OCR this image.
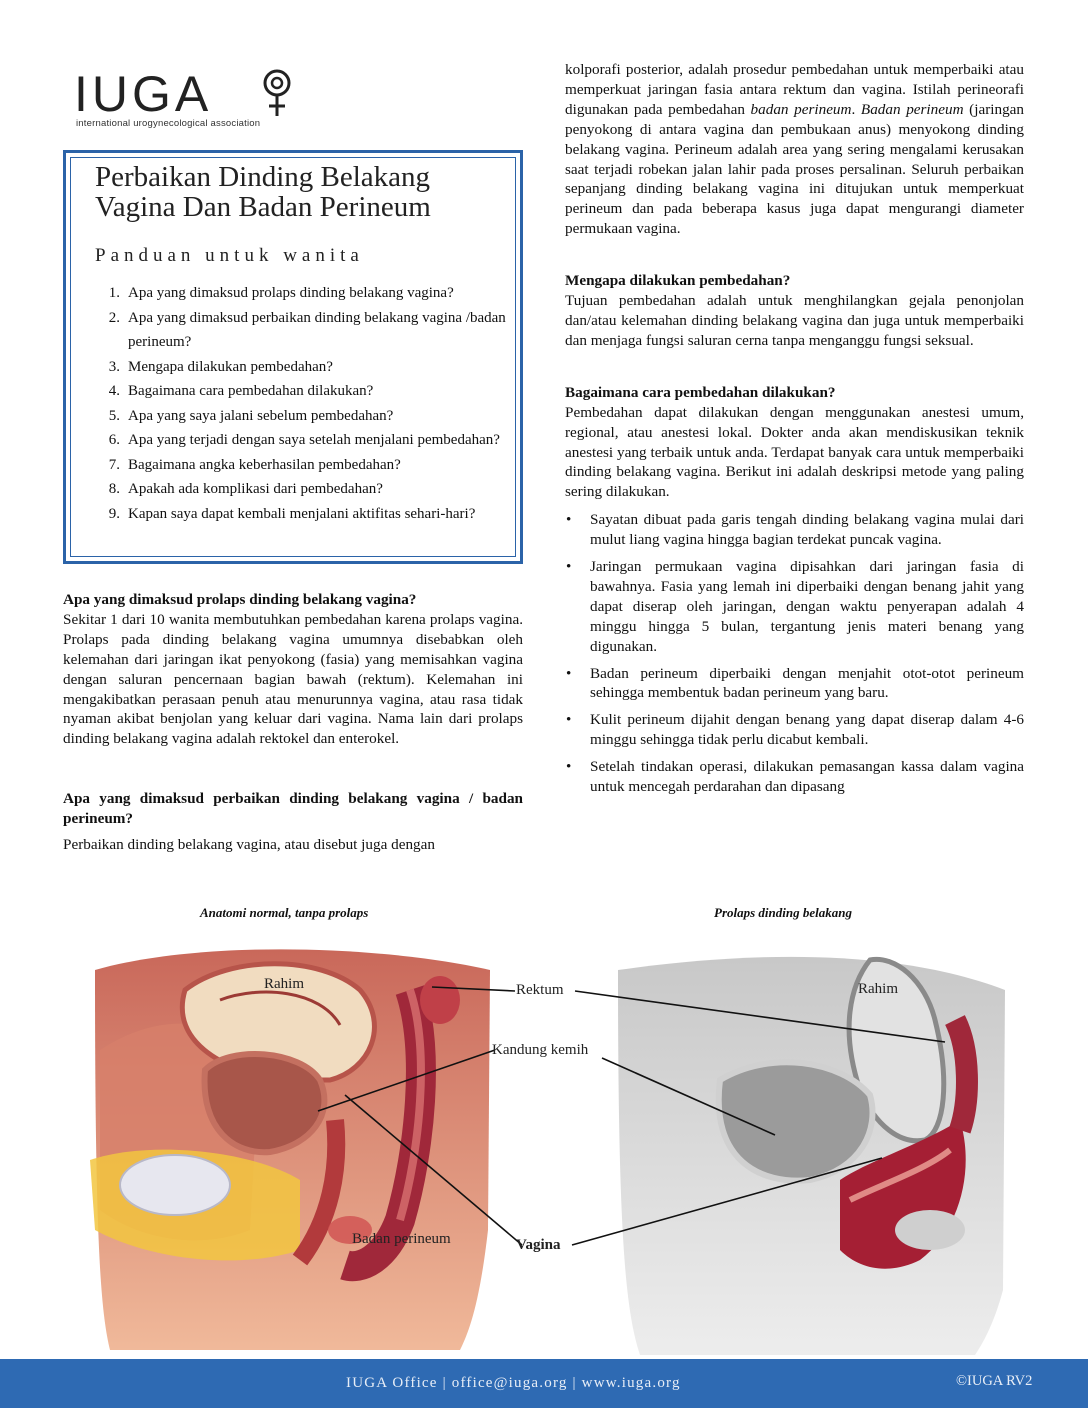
IUGA
international urogynecological association
Perbaikan Dinding Belakang
Vagina Dan Badan Perineum
Panduan untuk wanita
1. Apa yang dimaksud prolaps dinding belakang vagina?
2. Apa yang dimaksud perbaikan dinding belakang vagina /badan perineum?
3. Mengapa dilakukan pembedahan?
4. Bagaimana cara pembedahan dilakukan?
5. Apa yang saya jalani sebelum pembedahan?
6. Apa yang terjadi dengan saya setelah menjalani pembedahan?
7. Bagaimana angka keberhasilan pembedahan?
8. Apakah ada komplikasi dari pembedahan?
9. Kapan saya dapat kembali menjalani aktifitas sehari-hari?

Apa yang dimaksud prolaps dinding belakang vagina?

Sekitar 1 dari 10 wanita membutuhkan pembedahan karena prolaps vagina. Prolaps pada dinding belakang vagina umumnya disebabkan oleh kelemahan dari jaringan ikat penyokong (fasia) yang memisahkan vagina dengan saluran pencernaan bagian bawah (rektum). Kelemahan ini mengakibatkan perasaan penuh atau menurunnya vagina, atau rasa tidak nyaman akibat benjolan yang keluar dari vagina. Nama lain dari prolaps dinding belakang vagina adalah rektokel dan enterokel.

Apa yang dimaksud perbaikan dinding belakang vagina / badan perineum?

Perbaikan dinding belakang vagina, atau disebut juga dengan

kolporafi posterior, adalah prosedur pembedahan untuk memperbaiki atau memperkuat jaringan fasia antara rektum dan vagina. Istilah perineorafi digunakan pada pembedahan badan perineum. Badan perineum (jaringan penyokong di antara vagina dan pembukaan anus) menyokong dinding belakang vagina. Perineum adalah area yang sering mengalami kerusakan saat terjadi robekan jalan lahir pada proses persalinan. Seluruh perbaikan sepanjang dinding belakang vagina ini ditujukan untuk memperkuat perineum dan pada beberapa kasus juga dapat mengurangi diameter permukaan vagina.

Mengapa dilakukan pembedahan?

Tujuan pembedahan adalah untuk menghilangkan gejala penonjolan dan/atau kelemahan dinding belakang vagina dan juga untuk memperbaiki dan menjaga fungsi saluran cerna tanpa menganggu fungsi seksual.

Bagaimana cara pembedahan dilakukan?

Pembedahan dapat dilakukan dengan menggunakan anestesi umum, regional, atau anestesi lokal. Dokter anda akan mendiskusikan teknik anestesi yang terbaik untuk anda. Terdapat banyak cara untuk memperbaiki dinding belakang vagina. Berikut ini adalah deskripsi metode yang paling sering dilakukan.

• Sayatan dibuat pada garis tengah dinding belakang vagina mulai dari mulut liang vagina hingga bagian terdekat puncak vagina.
• Jaringan permukaan vagina dipisahkan dari jaringan fasia di bawahnya. Fasia yang lemah ini diperbaiki dengan benang jahit yang dapat diserap oleh jaringan, dengan waktu penyerapan adalah 4 minggu hingga 5 bulan, tergantung jenis materi benang yang digunakan.
• Badan perineum diperbaiki dengan menjahit otot-otot perineum sehingga membentuk badan perineum yang baru.
• Kulit perineum dijahit dengan benang yang dapat diserap dalam 4-6 minggu sehingga tidak perlu dicabut kembali.
• Setelah tindakan operasi, dilakukan pemasangan kassa dalam vagina untuk mencegah perdarahan dan dipasang
Anatomi normal, tanpa prolaps	Prolaps dinding belakang
Rahim	Rahim
Rektum
Kandung kemih
Badan perineum	Vagina
IUGA Office | office@iuga.org | www.iuga.org	©IUGA RV2
